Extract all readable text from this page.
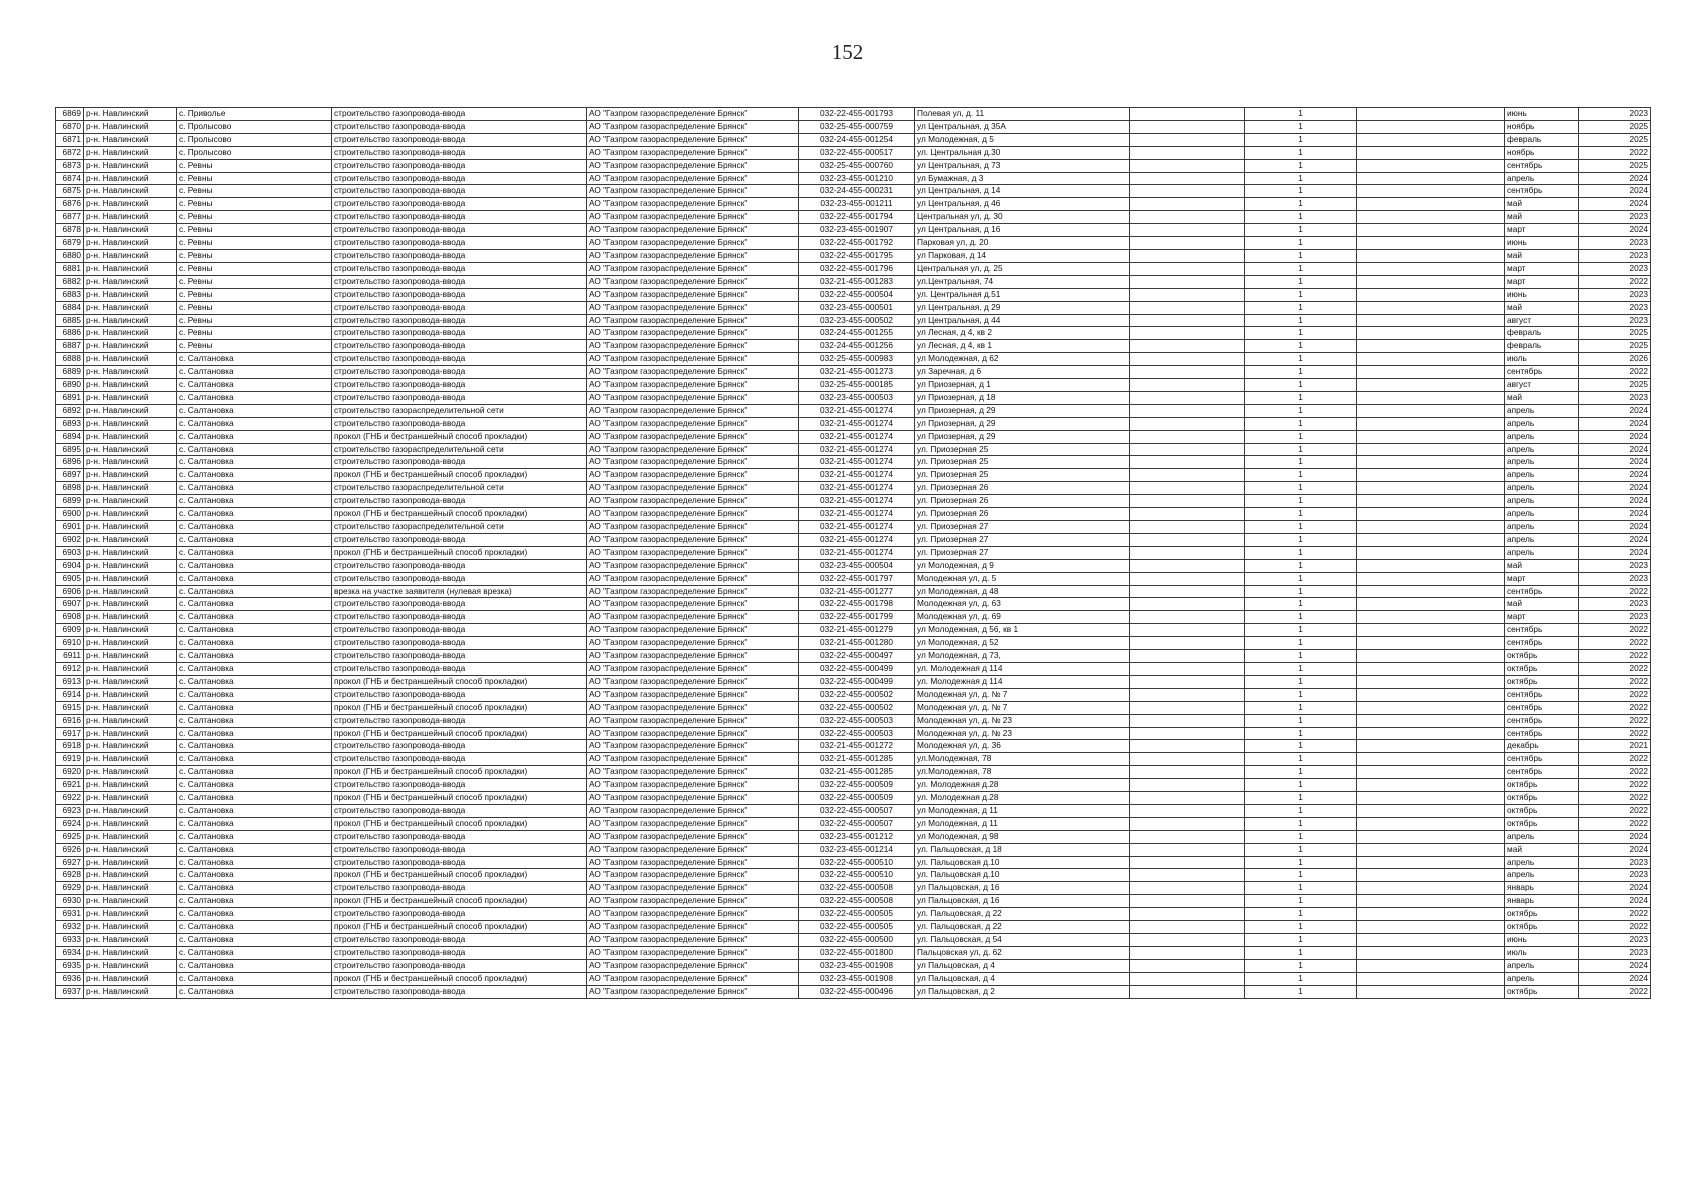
152
6869	р-н. Навлинский	с. Приволье	строительство газопровода-ввода	АО "Газпром газораспределение Брянск"	032-22-455-001793	Полевая ул, д. 11		1		июнь	2023
6870	р-н. Навлинский	с. Пролысово	строительство газопровода-ввода	АО "Газпром газораспределение Брянск"	032-25-455-000759	ул Центральная, д 35А		1		ноябрь	2025
6871	р-н. Навлинский	с. Пролысово	строительство газопровода-ввода	АО "Газпром газораспределение Брянск"	032-24-455-001254	ул Молодежная, д 5		1		февраль	2025
6872	р-н. Навлинский	с. Пролысово	строительство газопровода-ввода	АО "Газпром газораспределение Брянск"	032-22-455-000517	ул. Центральная д.30		1		ноябрь	2022
6873	р-н. Навлинский	с. Ревны	строительство газопровода-ввода	АО "Газпром газораспределение Брянск"	032-25-455-000760	ул Центральная, д 73		1		сентябрь	2025
6874	р-н. Навлинский	с. Ревны	строительство газопровода-ввода	АО "Газпром газораспределение Брянск"	032-23-455-001210	ул Бумажная, д 3		1		апрель	2024
6875	р-н. Навлинский	с. Ревны	строительство газопровода-ввода	АО "Газпром газораспределение Брянск"	032-24-455-000231	ул Центральная, д 14		1		сентябрь	2024
6876	р-н. Навлинский	с. Ревны	строительство газопровода-ввода	АО "Газпром газораспределение Брянск"	032-23-455-001211	ул Центральная, д 46		1		май	2024
6877	р-н. Навлинский	с. Ревны	строительство газопровода-ввода	АО "Газпром газораспределение Брянск"	032-22-455-001794	Центральная ул, д. 30		1		май	2023
6878	р-н. Навлинский	с. Ревны	строительство газопровода-ввода	АО "Газпром газораспределение Брянск"	032-23-455-001907	ул Центральная, д 16		1		март	2024
6879	р-н. Навлинский	с. Ревны	строительство газопровода-ввода	АО "Газпром газораспределение Брянск"	032-22-455-001792	Парковая ул, д. 20		1		июнь	2023
6880	р-н. Навлинский	с. Ревны	строительство газопровода-ввода	АО "Газпром газораспределение Брянск"	032-22-455-001795	ул Парковая, д 14		1		май	2023
6881	р-н. Навлинский	с. Ревны	строительство газопровода-ввода	АО "Газпром газораспределение Брянск"	032-22-455-001796	Центральная ул, д. 25		1		март	2023
6882	р-н. Навлинский	с. Ревны	строительство газопровода-ввода	АО "Газпром газораспределение Брянск"	032-21-455-001283	ул.Центральная, 74		1		март	2022
6883	р-н. Навлинский	с. Ревны	строительство газопровода-ввода	АО "Газпром газораспределение Брянск"	032-22-455-000504	ул. Центральная д.51		1		июнь	2023
6884	р-н. Навлинский	с. Ревны	строительство газопровода-ввода	АО "Газпром газораспределение Брянск"	032-23-455-000501	ул Центральная, д 29		1		май	2023
6885	р-н. Навлинский	с. Ревны	строительство газопровода-ввода	АО "Газпром газораспределение Брянск"	032-23-455-000502	ул Центральная, д 44		1		август	2023
6886	р-н. Навлинский	с. Ревны	строительство газопровода-ввода	АО "Газпром газораспределение Брянск"	032-24-455-001255	ул Лесная, д 4, кв 2		1		февраль	2025
6887	р-н. Навлинский	с. Ревны	строительство газопровода-ввода	АО "Газпром газораспределение Брянск"	032-24-455-001256	ул Лесная, д 4, кв 1		1		февраль	2025
6888	р-н. Навлинский	с. Салтановка	строительство газопровода-ввода	АО "Газпром газораспределение Брянск"	032-25-455-000983	ул Молодежная, д 62		1		июль	2026
6889	р-н. Навлинский	с. Салтановка	строительство газопровода-ввода	АО "Газпром газораспределение Брянск"	032-21-455-001273	ул Заречная, д 6		1		сентябрь	2022
6890	р-н. Навлинский	с. Салтановка	строительство газопровода-ввода	АО "Газпром газораспределение Брянск"	032-25-455-000185	ул Приозерная, д 1		1		август	2025
6891	р-н. Навлинский	с. Салтановка	строительство газопровода-ввода	АО "Газпром газораспределение Брянск"	032-23-455-000503	ул Приозерная, д 18		1		май	2023
6892	р-н. Навлинский	с. Салтановка	строительство газораспределительной сети	АО "Газпром газораспределение Брянск"	032-21-455-001274	ул Приозерная, д 29		1		апрель	2024
6893	р-н. Навлинский	с. Салтановка	строительство газопровода-ввода	АО "Газпром газораспределение Брянск"	032-21-455-001274	ул Приозерная, д 29		1		апрель	2024
6894	р-н. Навлинский	с. Салтановка	прокол (ГНБ и бестраншейный способ прокладки)	АО "Газпром газораспределение Брянск"	032-21-455-001274	ул Приозерная, д 29		1		апрель	2024
6895	р-н. Навлинский	с. Салтановка	строительство газораспределительной сети	АО "Газпром газораспределение Брянск"	032-21-455-001274	ул. Приозерная 25		1		апрель	2024
6896	р-н. Навлинский	с. Салтановка	строительство газопровода-ввода	АО "Газпром газораспределение Брянск"	032-21-455-001274	ул. Приозерная 25		1		апрель	2024
6897	р-н. Навлинский	с. Салтановка	прокол (ГНБ и бестраншейный способ прокладки)	АО "Газпром газораспределение Брянск"	032-21-455-001274	ул. Приозерная 25		1		апрель	2024
6898	р-н. Навлинский	с. Салтановка	строительство газораспределительной сети	АО "Газпром газораспределение Брянск"	032-21-455-001274	ул. Приозерная 26		1		апрель	2024
6899	р-н. Навлинский	с. Салтановка	строительство газопровода-ввода	АО "Газпром газораспределение Брянск"	032-21-455-001274	ул. Приозерная 26		1		апрель	2024
6900	р-н. Навлинский	с. Салтановка	прокол (ГНБ и бестраншейный способ прокладки)	АО "Газпром газораспределение Брянск"	032-21-455-001274	ул. Приозерная 26		1		апрель	2024
6901	р-н. Навлинский	с. Салтановка	строительство газораспределительной сети	АО "Газпром газораспределение Брянск"	032-21-455-001274	ул. Приозерная 27		1		апрель	2024
6902	р-н. Навлинский	с. Салтановка	строительство газопровода-ввода	АО "Газпром газораспределение Брянск"	032-21-455-001274	ул. Приозерная 27		1		апрель	2024
6903	р-н. Навлинский	с. Салтановка	прокол (ГНБ и бестраншейный способ прокладки)	АО "Газпром газораспределение Брянск"	032-21-455-001274	ул. Приозерная 27		1		апрель	2024
6904	р-н. Навлинский	с. Салтановка	строительство газопровода-ввода	АО "Газпром газораспределение Брянск"	032-23-455-000504	ул Молодежная, д 9		1		май	2023
6905	р-н. Навлинский	с. Салтановка	строительство газопровода-ввода	АО "Газпром газораспределение Брянск"	032-22-455-001797	Молодежная ул, д. 5		1		март	2023
6906	р-н. Навлинский	с. Салтановка	врезка на участке заявителя (нулевая врезка)	АО "Газпром газораспределение Брянск"	032-21-455-001277	ул Молодежная, д 48		1		сентябрь	2022
6907	р-н. Навлинский	с. Салтановка	строительство газопровода-ввода	АО "Газпром газораспределение Брянск"	032-22-455-001798	Молодежная ул, д. 63		1		май	2023
6908	р-н. Навлинский	с. Салтановка	строительство газопровода-ввода	АО "Газпром газораспределение Брянск"	032-22-455-001799	Молодежная ул, д. 69		1		март	2023
6909	р-н. Навлинский	с. Салтановка	строительство газопровода-ввода	АО "Газпром газораспределение Брянск"	032-21-455-001279	ул Молодежная, д 56, кв 1		1		сентябрь	2022
6910	р-н. Навлинский	с. Салтановка	строительство газопровода-ввода	АО "Газпром газораспределение Брянск"	032-21-455-001280	ул Молодежная, д 52		1		сентябрь	2022
6911	р-н. Навлинский	с. Салтановка	строительство газопровода-ввода	АО "Газпром газораспределение Брянск"	032-22-455-000497	ул Молодежная, д 73,		1		октябрь	2022
6912	р-н. Навлинский	с. Салтановка	строительство газопровода-ввода	АО "Газпром газораспределение Брянск"	032-22-455-000499	ул. Молодежная д 114		1		октябрь	2022
6913	р-н. Навлинский	с. Салтановка	прокол (ГНБ и бестраншейный способ прокладки)	АО "Газпром газораспределение Брянск"	032-22-455-000499	ул. Молодежная д 114		1		октябрь	2022
6914	р-н. Навлинский	с. Салтановка	строительство газопровода-ввода	АО "Газпром газораспределение Брянск"	032-22-455-000502	Молодежная ул, д. № 7		1		сентябрь	2022
6915	р-н. Навлинский	с. Салтановка	прокол (ГНБ и бестраншейный способ прокладки)	АО "Газпром газораспределение Брянск"	032-22-455-000502	Молодежная ул, д. № 7		1		сентябрь	2022
6916	р-н. Навлинский	с. Салтановка	строительство газопровода-ввода	АО "Газпром газораспределение Брянск"	032-22-455-000503	Молодежная ул, д. № 23		1		сентябрь	2022
6917	р-н. Навлинский	с. Салтановка	прокол (ГНБ и бестраншейный способ прокладки)	АО "Газпром газораспределение Брянск"	032-22-455-000503	Молодежная ул, д. № 23		1		сентябрь	2022
6918	р-н. Навлинский	с. Салтановка	строительство газопровода-ввода	АО "Газпром газораспределение Брянск"	032-21-455-001272	Молодежная ул, д. 36		1		декабрь	2021
6919	р-н. Навлинский	с. Салтановка	строительство газопровода-ввода	АО "Газпром газораспределение Брянск"	032-21-455-001285	ул.Молодежная, 78		1		сентябрь	2022
6920	р-н. Навлинский	с. Салтановка	прокол (ГНБ и бестраншейный способ прокладки)	АО "Газпром газораспределение Брянск"	032-21-455-001285	ул.Молодежная, 78		1		сентябрь	2022
6921	р-н. Навлинский	с. Салтановка	строительство газопровода-ввода	АО "Газпром газораспределение Брянск"	032-22-455-000509	ул. Молодежная д.28		1		октябрь	2022
6922	р-н. Навлинский	с. Салтановка	прокол (ГНБ и бестраншейный способ прокладки)	АО "Газпром газораспределение Брянск"	032-22-455-000509	ул. Молодежная д.28		1		октябрь	2022
6923	р-н. Навлинский	с. Салтановка	строительство газопровода-ввода	АО "Газпром газораспределение Брянск"	032-22-455-000507	ул Молодежная, д 11		1		октябрь	2022
6924	р-н. Навлинский	с. Салтановка	прокол (ГНБ и бестраншейный способ прокладки)	АО "Газпром газораспределение Брянск"	032-22-455-000507	ул Молодежная, д 11		1		октябрь	2022
6925	р-н. Навлинский	с. Салтановка	строительство газопровода-ввода	АО "Газпром газораспределение Брянск"	032-23-455-001212	ул Молодежная, д 98		1		апрель	2024
6926	р-н. Навлинский	с. Салтановка	строительство газопровода-ввода	АО "Газпром газораспределение Брянск"	032-23-455-001214	ул. Пальцовская, д 18		1		май	2024
6927	р-н. Навлинский	с. Салтановка	строительство газопровода-ввода	АО "Газпром газораспределение Брянск"	032-22-455-000510	ул. Пальцовская д.10		1		апрель	2023
6928	р-н. Навлинский	с. Салтановка	прокол (ГНБ и бестраншейный способ прокладки)	АО "Газпром газораспределение Брянск"	032-22-455-000510	ул. Пальцовская д.10		1		апрель	2023
6929	р-н. Навлинский	с. Салтановка	строительство газопровода-ввода	АО "Газпром газораспределение Брянск"	032-22-455-000508	ул Пальцовская, д 16		1		январь	2024
6930	р-н. Навлинский	с. Салтановка	прокол (ГНБ и бестраншейный способ прокладки)	АО "Газпром газораспределение Брянск"	032-22-455-000508	ул Пальцовская, д 16		1		январь	2024
6931	р-н. Навлинский	с. Салтановка	строительство газопровода-ввода	АО "Газпром газораспределение Брянск"	032-22-455-000505	ул. Пальцовская, д 22		1		октябрь	2022
6932	р-н. Навлинский	с. Салтановка	прокол (ГНБ и бестраншейный способ прокладки)	АО "Газпром газораспределение Брянск"	032-22-455-000505	ул. Пальцовская, д 22		1		октябрь	2022
6933	р-н. Навлинский	с. Салтановка	строительство газопровода-ввода	АО "Газпром газораспределение Брянск"	032-22-455-000500	ул. Пальцовская, д 54		1		июнь	2023
6934	р-н. Навлинский	с. Салтановка	строительство газопровода-ввода	АО "Газпром газораспределение Брянск"	032-22-455-001800	Пальцовская ул, д. 62		1		июль	2023
6935	р-н. Навлинский	с. Салтановка	строительство газопровода-ввода	АО "Газпром газораспределение Брянск"	032-23-455-001908	ул Пальцовская, д 4		1		апрель	2024
6936	р-н. Навлинский	с. Салтановка	прокол (ГНБ и бестраншейный способ прокладки)	АО "Газпром газораспределение Брянск"	032-23-455-001908	ул Пальцовская, д 4		1		апрель	2024
6937	р-н. Навлинский	с. Салтановка	строительство газопровода-ввода	АО "Газпром газораспределение Брянск"	032-22-455-000496	ул Пальцовская, д 2		1		октябрь	2022
